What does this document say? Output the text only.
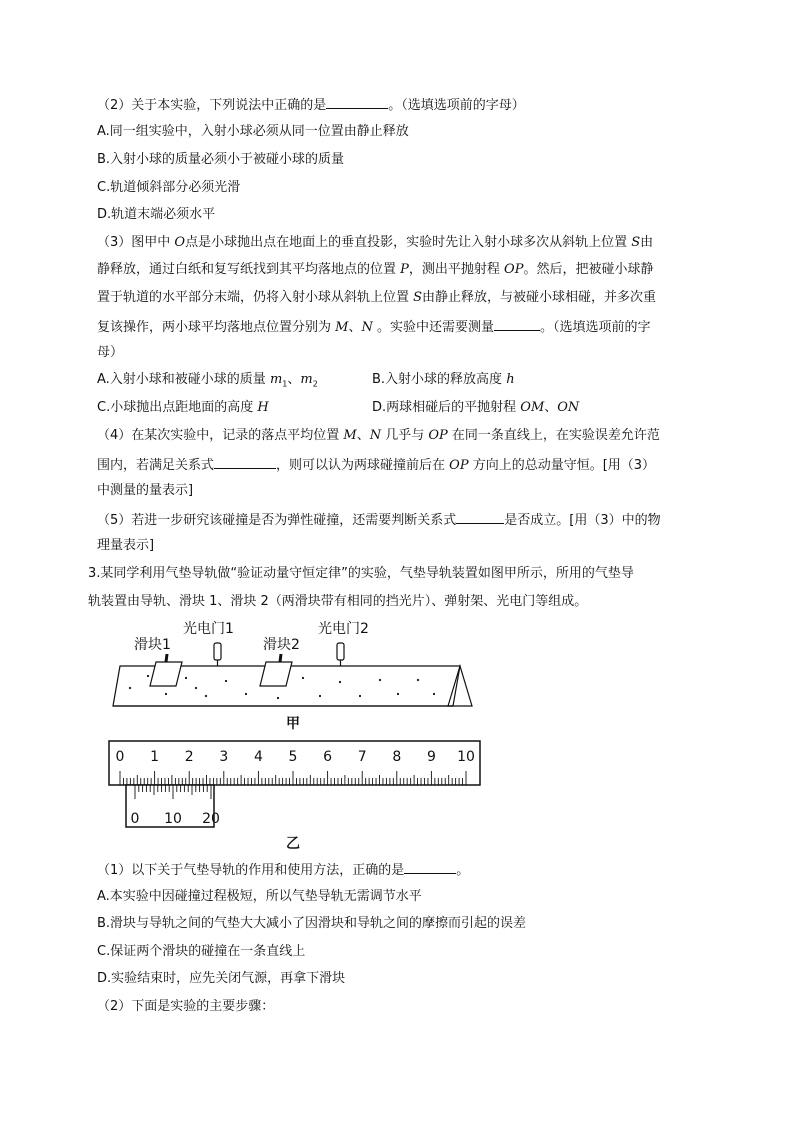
（2）关于本实验，下列说法中正确的是	。（选填选项前的字母）
A.同一组实验中，入射小球必须从同一位置由静止释放
B.入射小球的质量必须小于被碰小球的质量
C.轨道倾斜部分必须光滑
D.轨道末端必须水平
（3）图甲中 O点是小球抛出点在地面上的垂直投影，实验时先让入射小球多次从斜轨上位置 S由
静释放，通过白纸和复写纸找到其平均落地点的位置 P，测出平抛射程 OP。然后，把被碰小球静
置于轨道的水平部分末端，仍将入射小球从斜轨上位置 S由静止释放，与被碰小球相碰，并多次重
复该操作，两小球平均落地点位置分别为 M、N 。实验中还需要测量	。（选填选项前的字
母）
A.入射小球和被碰小球的质量 $m_1$、$m_2$	B.入射小球的释放高度 h
C.小球抛出点距地面的高度 H	D.两球相碰后的平抛射程 OM、ON
（4）在某次实验中，记录的落点平均位置 M、N 几乎与 OP 在同一条直线上，在实验误差允许范
围内，若满足关系式	，则可以认为两球碰撞前后在 OP 方向上的总动量守恒。[用（3）
中测量的量表示]
（5）若进一步研究该碰撞是否为弹性碰撞，还需要判断关系式	是否成立。[用（3）中的物
理量表示]
3.某同学利用气垫导轨做“验证动量守恒定律”的实验，气垫导轨装置如图甲所示，所用的气垫导
轨装置由导轨、滑块 1、滑块 2（两滑块带有相同的挡光片）、弹射架、光电门等组成。
滑块1
光电门1
滑块2
光电门2
甲
0 1 2 3 4 5 6 7 8 9 10
0 10 20
乙
（1）以下关于气垫导轨的作用和使用方法，正确的是	。
A.本实验中因碰撞过程极短，所以气垫导轨无需调节水平
B.滑块与导轨之间的气垫大大减小了因滑块和导轨之间的摩擦而引起的误差
C.保证两个滑块的碰撞在一条直线上
D.实验结束时，应先关闭气源，再拿下滑块
（2）下面是实验的主要步骤：
